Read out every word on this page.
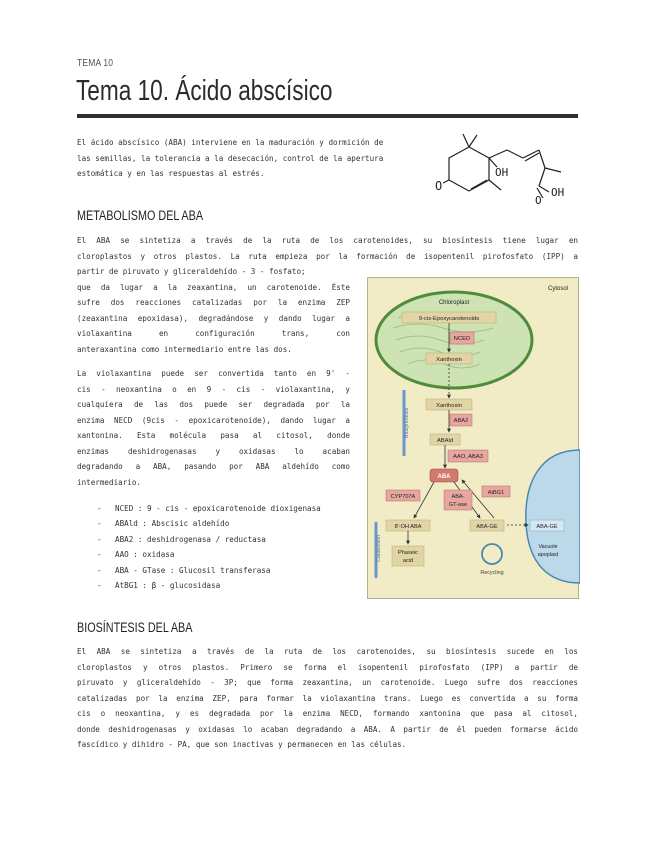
TEMA 10
Tema 10. Ácido abscísico
El ácido abscísico (ABA) interviene en la maduración y dormición de
las semillas, la tolerancia a la desecación, control de la apertura
estomática y en las respuestas al estrés.
O
OH
O
OH
METABOLISMO DEL ABA
El ABA se sintetiza a través de la ruta de los carotenoides, su biosíntesis tiene lugar en
cloroplastos y otros plastos. La ruta empieza por la formación de isopentenil pirofosfato (IPP) a
partir de piruvato y gliceraldehído - 3 - fosfato;
que da lugar a la zeaxantina, un carotenoide. Éste
sufre dos reacciones catalizadas por la enzima ZEP
(zeaxantina epoxidasa), degradándose y dando lugar a
violaxantina en configuración trans, con
anteraxantina como intermediario entre las dos.
La violaxantina puede ser convertida tanto en 9' -
cis - neoxantina o en 9 - cis - violaxantina, y
cualquiera de las dos puede ser degradada por la
enzima NECD (9cis - epoxicarotenoide), dando lugar a
xantonina. Esta molécula pasa al citosol, donde
enzimas deshidrogenasas y oxidasas lo acaban
degradando a ABA, pasando por ABA aldehído como
intermediario.
- NCED : 9 - cis - epoxicarotenoide dioxigenasa
- ABAld : Abscisic aldehído
- ABA2 : deshidrogenasa / reductasa
- AAO : oxidasa
- ABA - GTase : Glucosil transferasa
- AtBG1 : β - glucosidasa
Cytosol
Chloroplast
9-cis-Epoxycarotenoids
NCED
Xanthoxin
Xanthoxin
ABA2
ABAld
AAO, ABA3
ABA
CYP707A	ABA-
GT-ase
AtBG1
8'-OH ABA	ABA-GE	ABA-GE
Phaseic
acid
Vacuole
apoplast
Recycling
Biosynthesis
Catabolism
BIOSÍNTESIS DEL ABA
El ABA se sintetiza a través de la ruta de los carotenoides, su biosíntesis sucede en los
cloroplastos y otros plastos. Primero se forma el isopentenil pirofosfato (IPP) a partir de
piruvato y gliceraldehído - 3P; que forma zeaxantina, un carotenoide. Luego sufre dos reacciones
catalizadas por la enzima ZEP, para formar la violaxantina trans. Luego es convertida a su forma
cis o neoxantina, y es degradada por la enzima NECD, formando xantonina que pasa al citosol,
donde deshidrogenasas y oxidasas lo acaban degradando a ABA. A partir de él pueden formarse ácido
fascídico y dihidro - PA, que son inactivas y permanecen en las células.
